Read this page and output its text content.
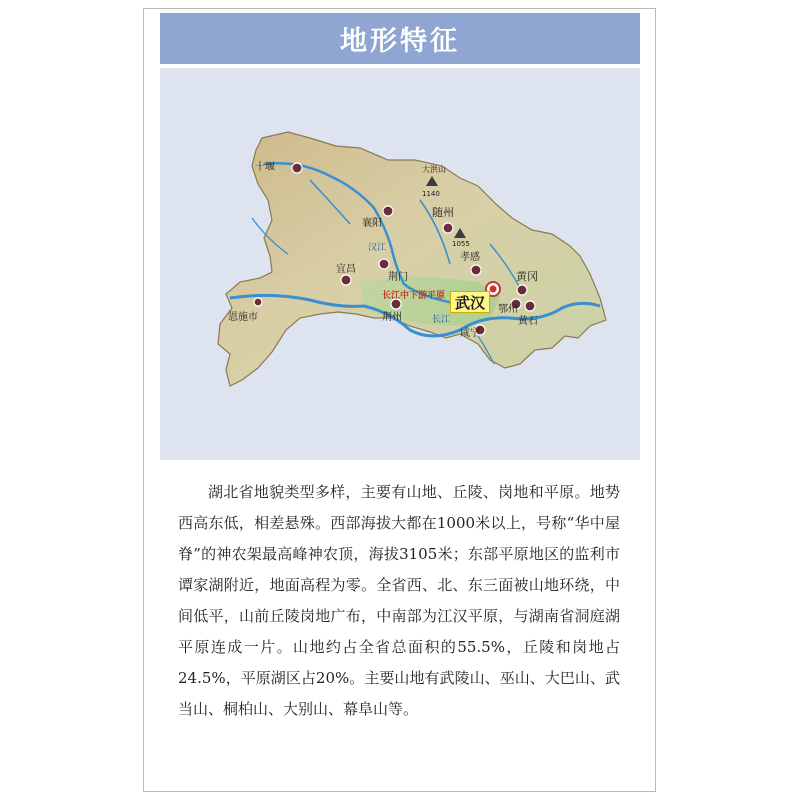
地形特征
十堰
襄阳
随州
孝感
荆门
宜昌
荆州
恩施市
黄冈
鄂州
黄石
咸宁
长江中下游平原
汉江
长江
大洪山
1140
1055
武汉

湖北省地貌类型多样，主要有山地、丘陵、岗地和平原。地势西高东低，相差悬殊。西部海拔大都在1000米以上，号称“华中屋脊”的神农架最高峰神农顶，海拔3105米；东部平原地区的监利市谭家湖附近，地面高程为零。全省西、北、东三面被山地环绕，中间低平，山前丘陵岗地广布，中南部为江汉平原，与湖南省洞庭湖平原连成一片。山地约占全省总面积的55.5%，丘陵和岗地占24.5%，平原湖区占20%。主要山地有武陵山、巫山、大巴山、武当山、桐柏山、大别山、幕阜山等。
